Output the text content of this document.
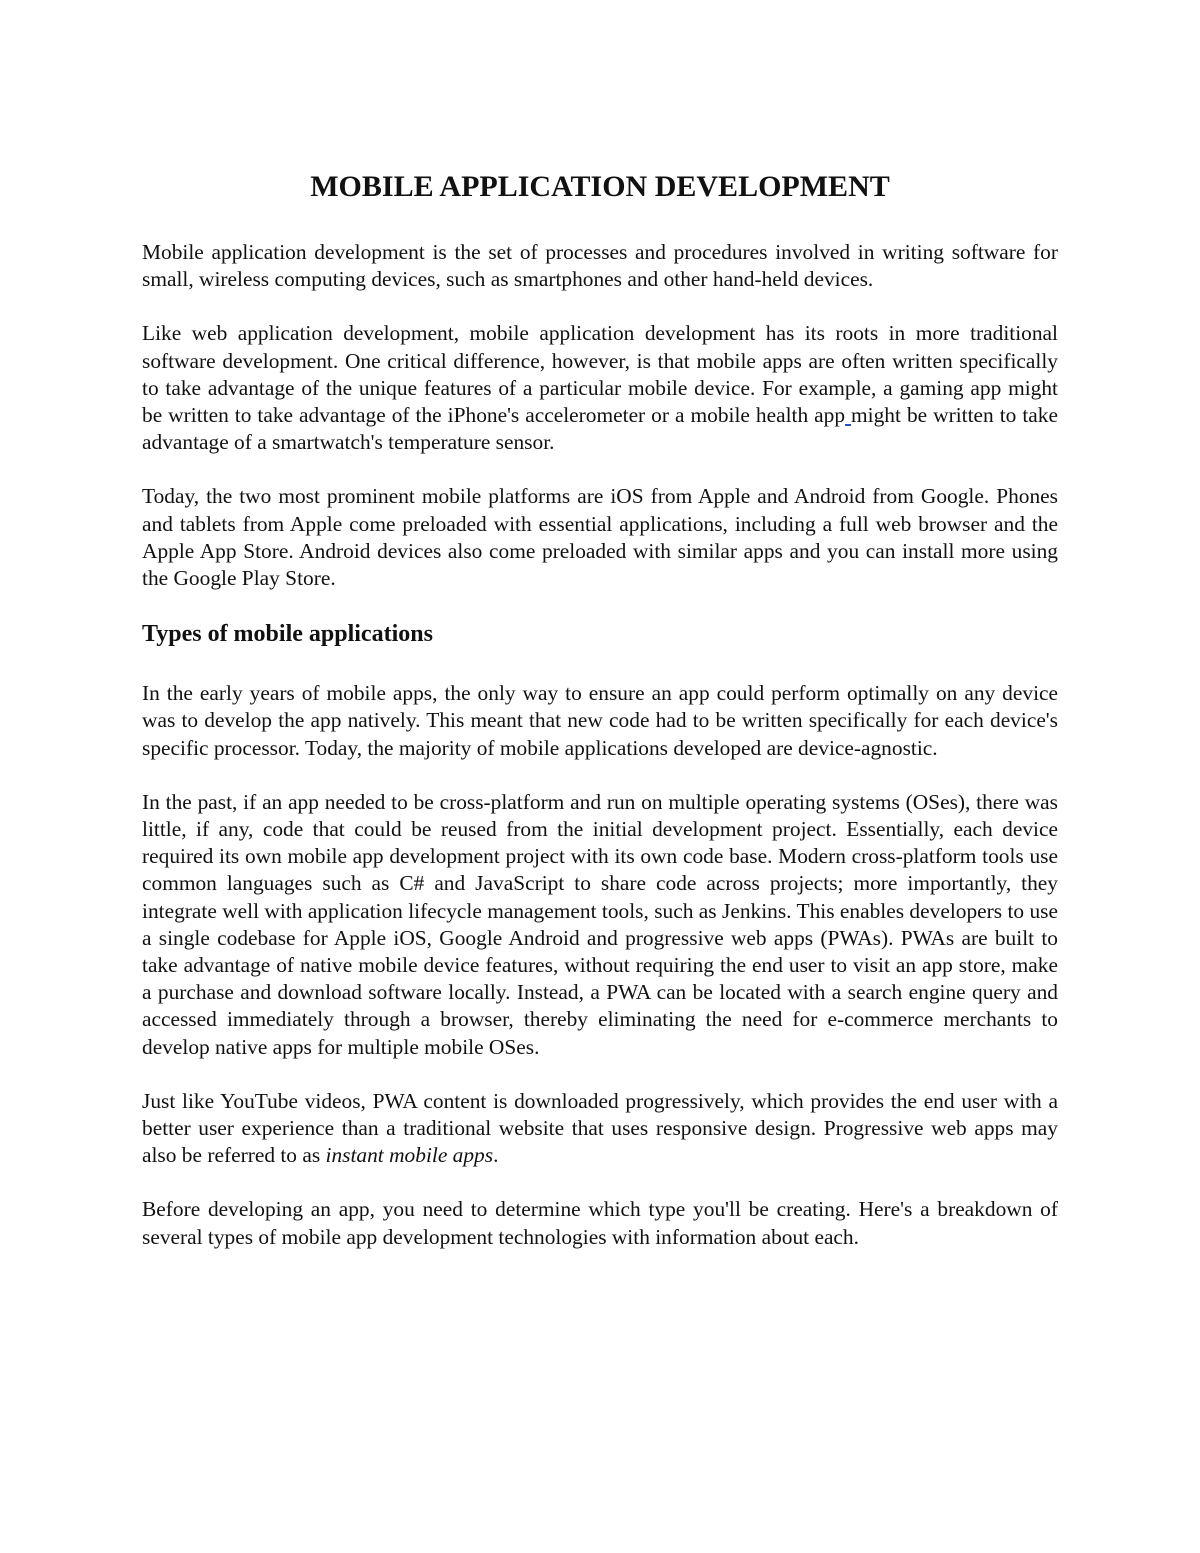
MOBILE APPLICATION DEVELOPMENT

Mobile application development is the set of processes and procedures involved in writing software for small, wireless computing devices, such as smartphones and other hand-held devices.

Like web application development, mobile application development has its roots in more traditional software development. One critical difference, however, is that mobile apps are often written specifically to take advantage of the unique features of a particular mobile device. For example, a gaming app might be written to take advantage of the iPhone's accelerometer or a mobile health app might be written to take advantage of a smartwatch's temperature sensor.

Today, the two most prominent mobile platforms are iOS from Apple and Android from Google. Phones and tablets from Apple come preloaded with essential applications, including a full web browser and the Apple App Store. Android devices also come preloaded with similar apps and you can install more using the Google Play Store.

Types of mobile applications

In the early years of mobile apps, the only way to ensure an app could perform optimally on any device was to develop the app natively. This meant that new code had to be written specifically for each device's specific processor. Today, the majority of mobile applications developed are device-agnostic.

In the past, if an app needed to be cross-platform and run on multiple operating systems (OSes), there was little, if any, code that could be reused from the initial development project. Essentially, each device required its own mobile app development project with its own code base. Modern cross-platform tools use common languages such as C# and JavaScript to share code across projects; more importantly, they integrate well with application lifecycle management tools, such as Jenkins. This enables developers to use a single codebase for Apple iOS, Google Android and progressive web apps (PWAs). PWAs are built to take advantage of native mobile device features, without requiring the end user to visit an app store, make a purchase and download software locally. Instead, a PWA can be located with a search engine query and accessed immediately through a browser, thereby eliminating the need for e-commerce merchants to develop native apps for multiple mobile OSes.

Just like YouTube videos, PWA content is downloaded progressively, which provides the end user with a better user experience than a traditional website that uses responsive design. Progressive web apps may also be referred to as instant mobile apps.

Before developing an app, you need to determine which type you'll be creating. Here's a breakdown of several types of mobile app development technologies with information about each.
